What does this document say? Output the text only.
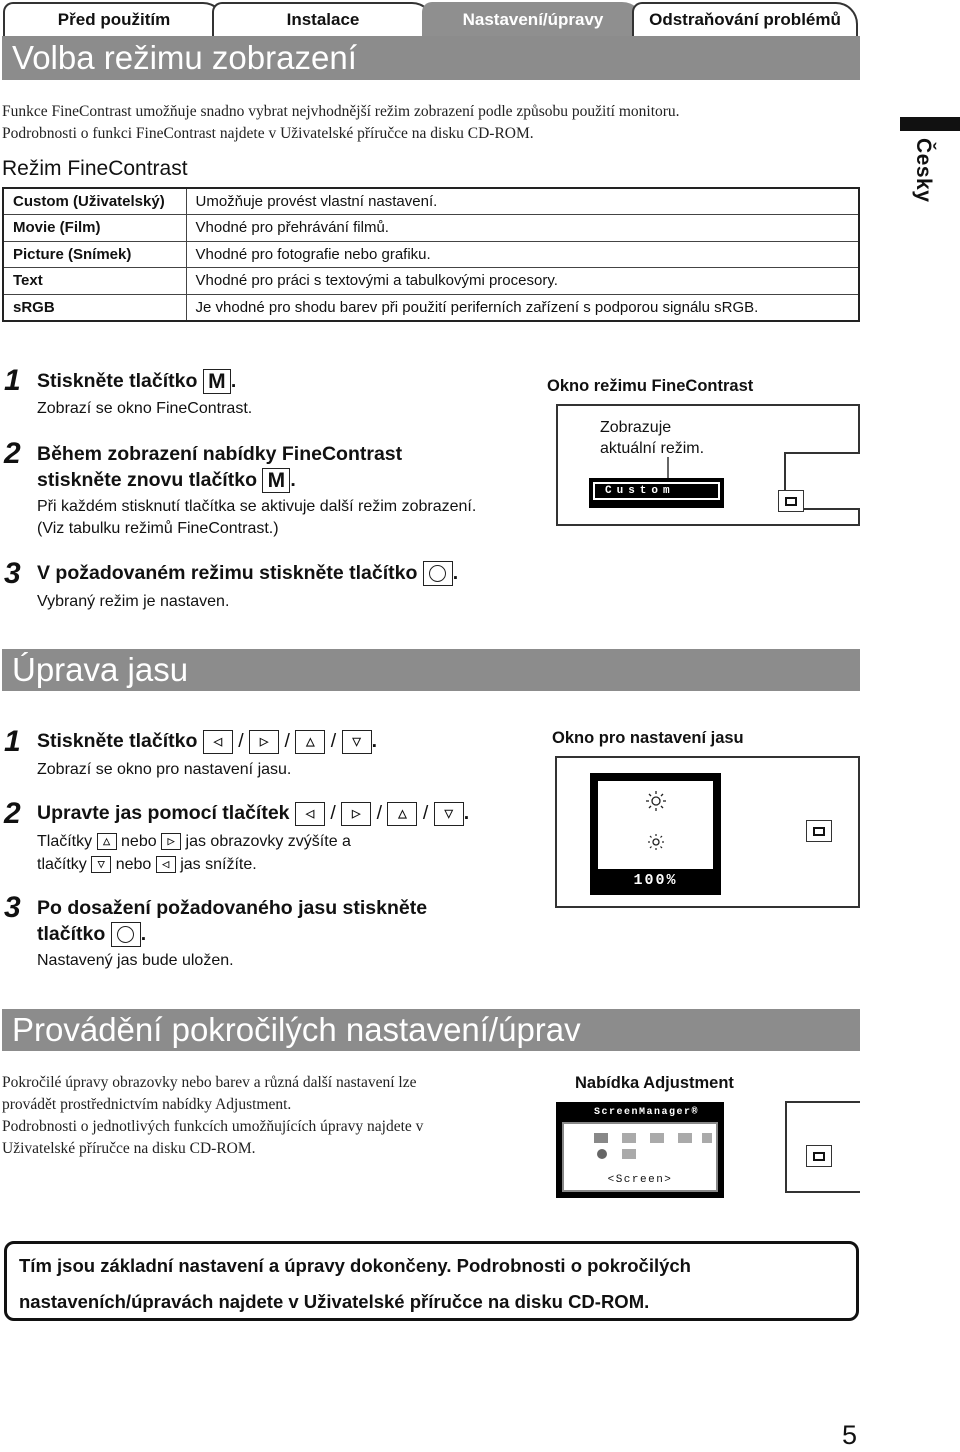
Před použitím	Instalace	Nastavení/úpravy	Odstraňování problémů
Česky
Volba režimu zobrazení
Funkce FineContrast umožňuje snadno vybrat nejvhodnější režim zobrazení podle způsobu použití monitoru.
Podrobnosti o funkci FineContrast najdete v Uživatelské příručce na disku CD-ROM.
Režim FineContrast
Custom (Uživatelský)	Umožňuje provést vlastní nastavení.
Movie (Film)	Vhodné pro přehrávání filmů.
Picture (Snímek)	Vhodné pro fotografie nebo grafiku.
Text	Vhodné pro práci s textovými a tabulkovými procesory.
sRGB	Je vhodné pro shodu barev při použití periferních zařízení s podporou signálu sRGB.
1 Stiskněte tlačítko M .
Zobrazí se okno FineContrast.
2 Během zobrazení nabídky FineContrast
stiskněte znovu tlačítko M .
Při každém stisknutí tlačítka se aktivuje další režim zobrazení.
(Viz tabulku režimů FineContrast.)
3 V požadovaném režimu stiskněte tlačítko .
Vybraný režim je nastaven.
Okno režimu FineContrast
Zobrazuje
aktuální režim.
Custom
Úprava jasu
1 Stiskněte tlačítko ◁ / ▷ / △ / ▽ .
Zobrazí se okno pro nastavení jasu.
2 Upravte jas pomocí tlačítek ◁ / ▷ / △ / ▽ .
Tlačítky △ nebo ▷ jas obrazovky zvýšíte a
tlačítky ▽ nebo ◁ jas snížíte.
3 Po dosažení požadovaného jasu stiskněte
tlačítko .
Nastavený jas bude uložen.
Okno pro nastavení jasu
100%
Provádění pokročilých nastavení/úprav
Pokročilé úpravy obrazovky nebo barev a různá další nastavení lze
provádět prostřednictvím nabídky Adjustment.
Podrobnosti o jednotlivých funkcích umožňujících úpravy najdete v
Uživatelské příručce na disku CD-ROM.
Nabídka Adjustment
ScreenManager®
<Screen>
Tím jsou základní nastavení a úpravy dokončeny. Podrobnosti o pokročilých
nastaveních/úpravách najdete v Uživatelské příručce na disku CD-ROM.
5
